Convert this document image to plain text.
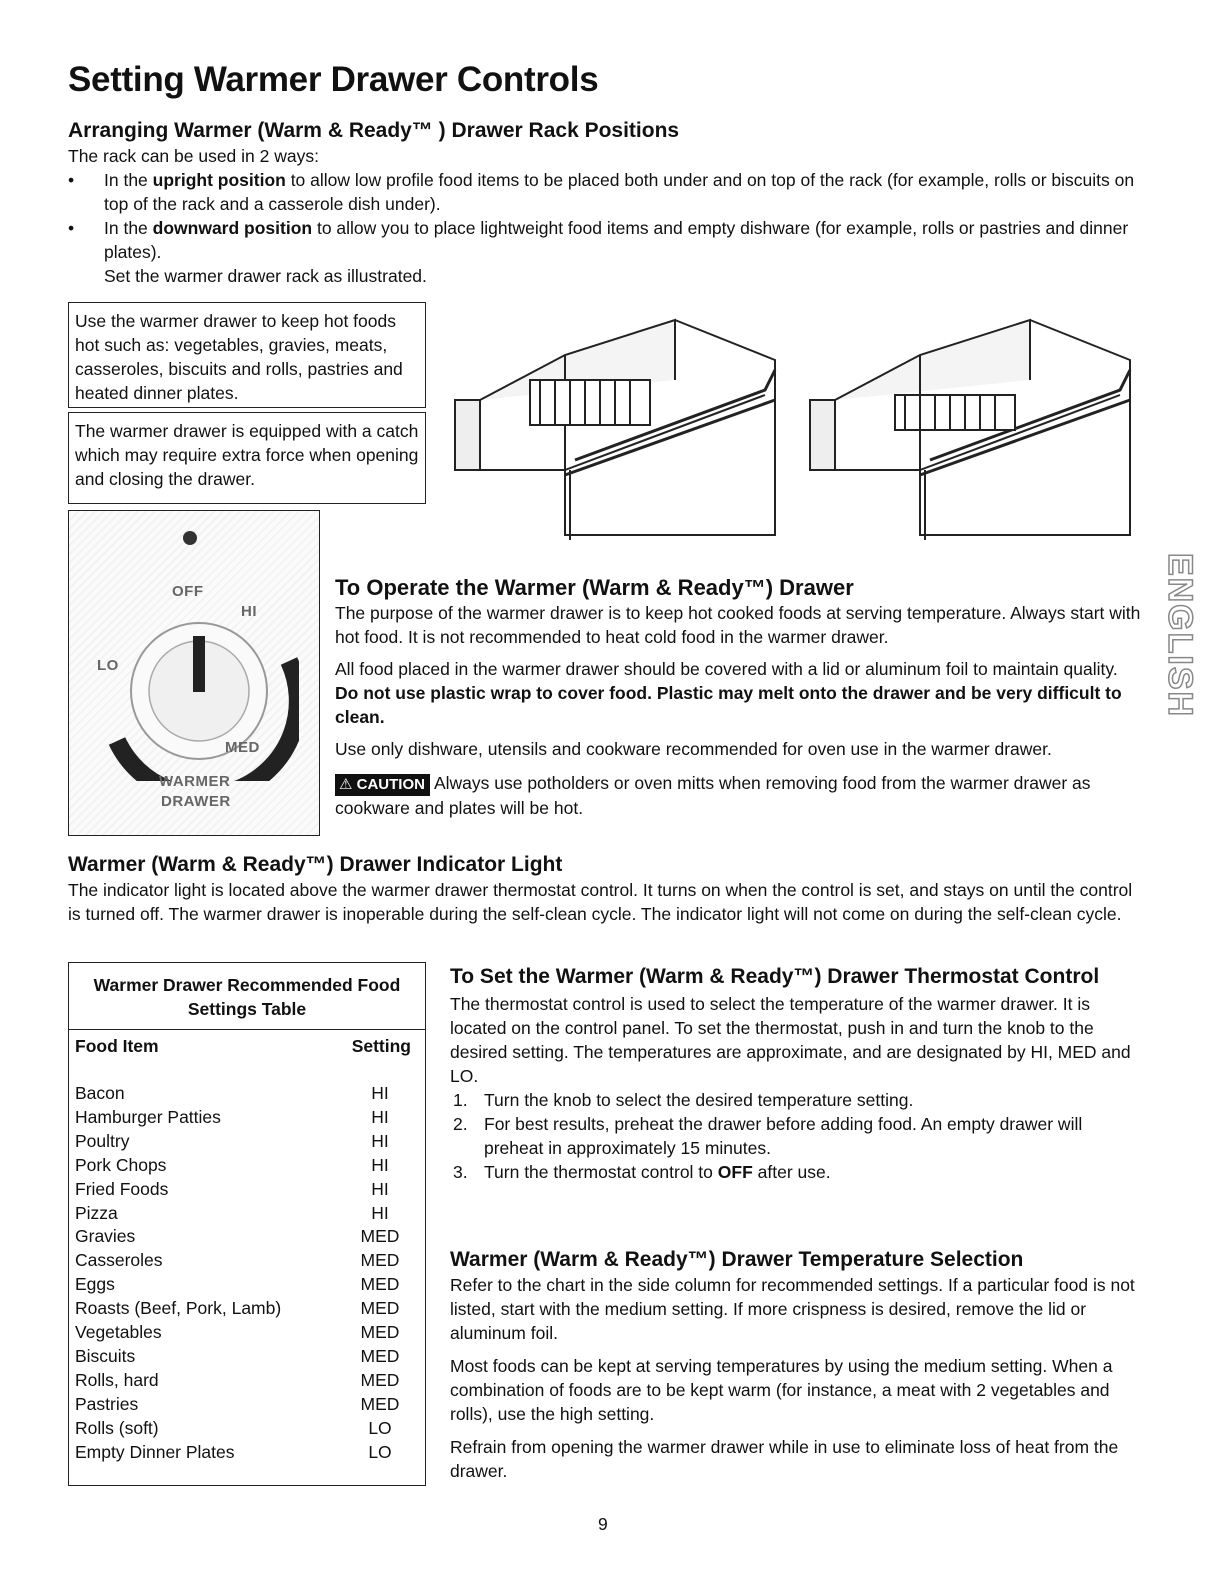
Setting Warmer Drawer Controls
Arranging Warmer (Warm & Ready™ ) Drawer Rack Positions
The rack can be used in 2 ways:
• In the upright position to allow low profile food items to be placed both under and on top of the rack (for example, rolls or biscuits on top of the rack and a casserole dish under).
• In the downward position to allow you to place lightweight food items and empty dishware (for example, rolls or pastries and dinner plates).
Set the warmer drawer rack as illustrated.
Use the warmer drawer to keep hot foods hot such as: vegetables, gravies, meats, casseroles, biscuits and rolls, pastries and heated dinner plates.
The warmer drawer is equipped with a catch which may require extra force when opening and closing the drawer.
OFF
HI
LO
MED
WARMER
DRAWER
To Operate the Warmer (Warm & Ready™) Drawer

The purpose of the warmer drawer is to keep hot cooked foods at serving temperature. Always start with hot food. It is not recommended to heat cold food in the warmer drawer.

All food placed in the warmer drawer should be covered with a lid or aluminum foil to maintain quality. Do not use plastic wrap to cover food. Plastic may melt onto the drawer and be very difficult to clean.

Use only dishware, utensils and cookware recommended for oven use in the warmer drawer.

⚠ CAUTION Always use potholders or oven mitts when removing food from the warmer drawer as cookware and plates will be hot.

ENGLISH
Warmer (Warm & Ready™) Drawer Indicator Light

The indicator light is located above the warmer drawer thermostat control. It turns on when the control is set, and stays on until the control is turned off. The warmer drawer is inoperable during the self-clean cycle. The indicator light will not come on during the self-clean cycle.

Warmer Drawer Recommended Food Settings Table
Food Item	Setting
Bacon	HI
Hamburger Patties	HI
Poultry	HI
Pork Chops	HI
Fried Foods	HI
Pizza	HI
Gravies	MED
Casseroles	MED
Eggs	MED
Roasts (Beef, Pork, Lamb)	MED
Vegetables	MED
Biscuits	MED
Rolls, hard	MED
Pastries	MED
Rolls (soft)	LO
Empty Dinner Plates	LO
To Set the Warmer (Warm & Ready™) Drawer Thermostat Control

The thermostat control is used to select the temperature of the warmer drawer. It is located on the control panel. To set the thermostat, push in and turn the knob to the desired setting. The temperatures are approximate, and are designated by HI, MED and LO.

1. Turn the knob to select the desired temperature setting.
2. For best results, preheat the drawer before adding food. An empty drawer will preheat in approximately 15 minutes.
3. Turn the thermostat control to OFF after use.
Warmer (Warm & Ready™) Drawer Temperature Selection

Refer to the chart in the side column for recommended settings. If a particular food is not listed, start with the medium setting. If more crispness is desired, remove the lid or aluminum foil.

Most foods can be kept at serving temperatures by using the medium setting. When a combination of foods are to be kept warm (for instance, a meat with 2 vegetables and rolls), use the high setting.

Refrain from opening the warmer drawer while in use to eliminate loss of heat from the drawer.

9
